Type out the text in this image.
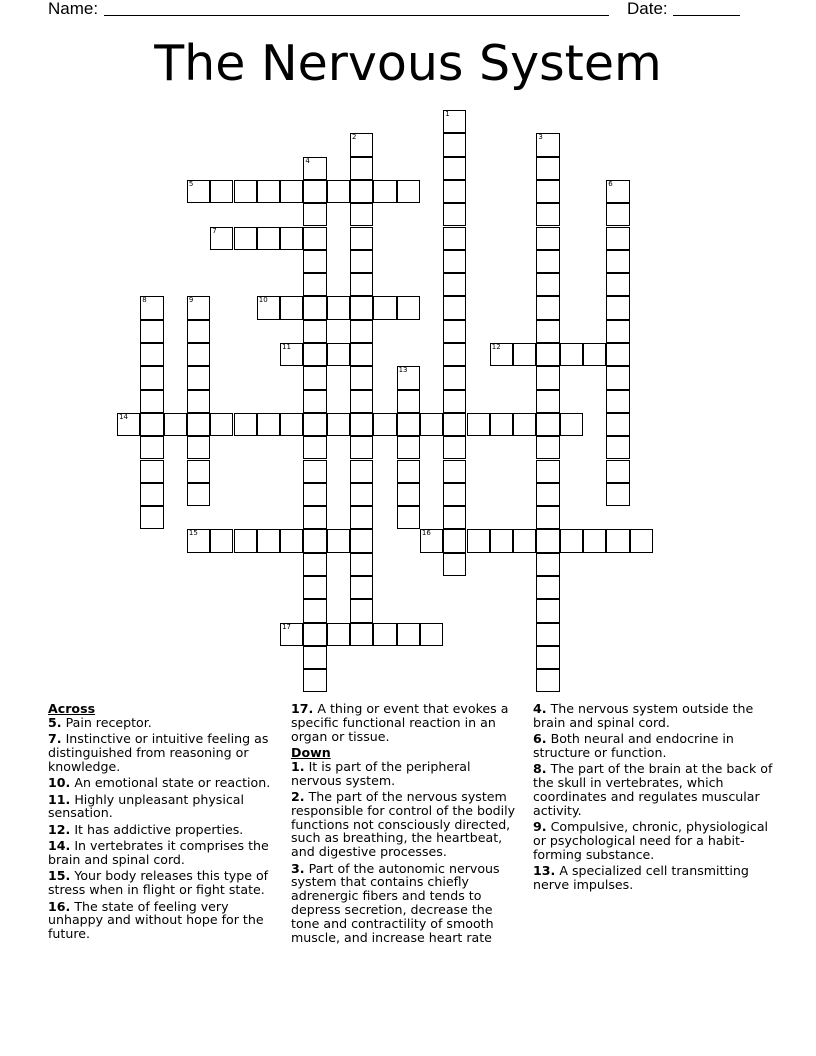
Name:	Date:
The Nervous System
1
2	3
4
5	6
7
8	9	10
11	12
13
14
15	16
17
Across
5. Pain receptor.
7. Instinctive or intuitive feeling as distinguished from reasoning or knowledge.
10. An emotional state or reaction.
11. Highly unpleasant physical sensation.
12. It has addictive properties.
14. In vertebrates it comprises the brain and spinal cord.
15. Your body releases this type of stress when in flight or fight state.
16. The state of feeling very unhappy and without hope for the future.
17. A thing or event that evokes a specific functional reaction in an organ or tissue.
Down
1. It is part of the peripheral nervous system.
2. The part of the nervous system responsible for control of the bodily functions not consciously directed, such as breathing, the heartbeat, and digestive processes.
3. Part of the autonomic nervous system that contains chiefly adrenergic fibers and tends to depress secretion, decrease the tone and contractility of smooth muscle, and increase heart rate
4. The nervous system outside the brain and spinal cord.
6. Both neural and endocrine in structure or function.
8. The part of the brain at the back of the skull in vertebrates, which coordinates and regulates muscular activity.
9. Compulsive, chronic, physiological or psychological need for a habit-forming substance.
13. A specialized cell transmitting nerve impulses.
